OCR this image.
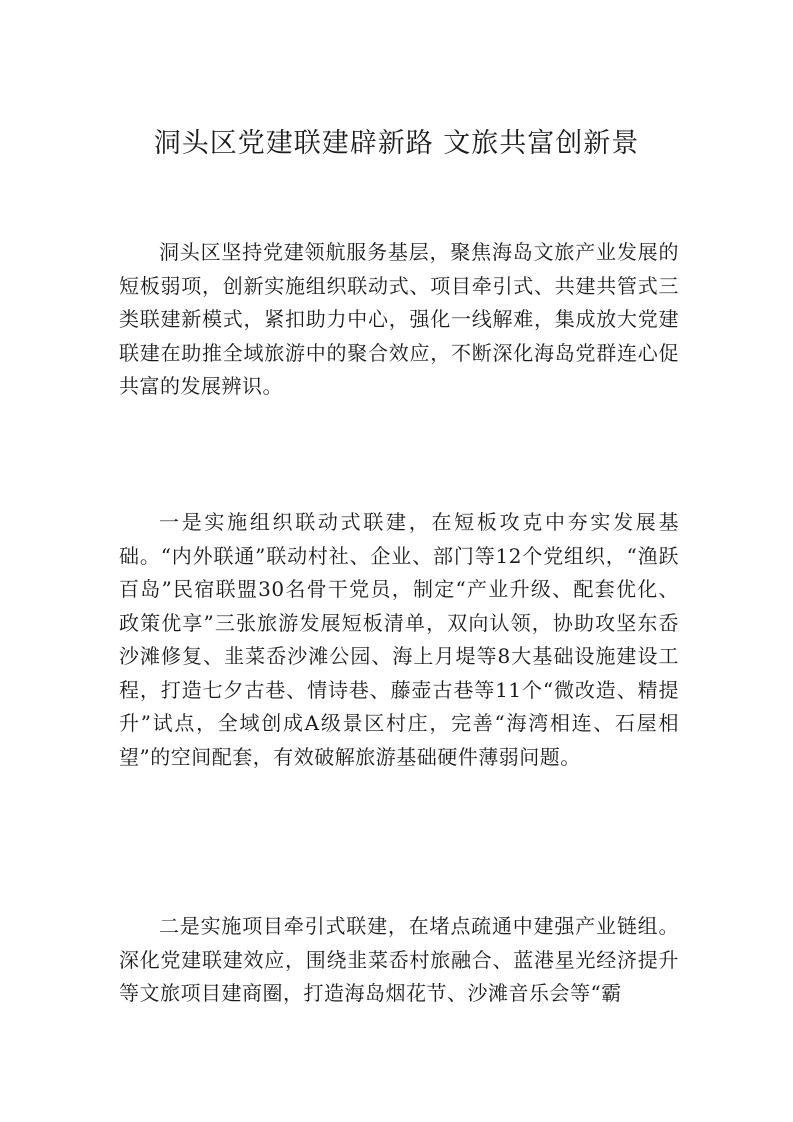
洞头区党建联建辟新路 文旅共富创新景

洞头区坚持党建领航服务基层，聚焦海岛文旅产业发展的短板弱项，创新实施组织联动式、项目牵引式、共建共管式三类联建新模式，紧扣助力中心，强化一线解难，集成放大党建联建在助推全域旅游中的聚合效应，不断深化海岛党群连心促共富的发展辨识。

一是实施组织联动式联建，在短板攻克中夯实发展基础。“内外联通”联动村社、企业、部门等12个党组织，“渔跃百岛”民宿联盟30名骨干党员，制定“产业升级、配套优化、政策优享”三张旅游发展短板清单，双向认领，协助攻坚东岙沙滩修复、韭菜岙沙滩公园、海上月堤等8大基础设施建设工程，打造七夕古巷、情诗巷、藤壶古巷等11个“微改造、精提升”试点，全域创成A级景区村庄，完善“海湾相连、石屋相望”的空间配套，有效破解旅游基础硬件薄弱问题。

二是实施项目牵引式联建，在堵点疏通中建强产业链组。深化党建联建效应，围绕韭菜岙村旅融合、蓝港星光经济提升等文旅项目建商圈，打造海岛烟花节、沙滩音乐会等“霸
